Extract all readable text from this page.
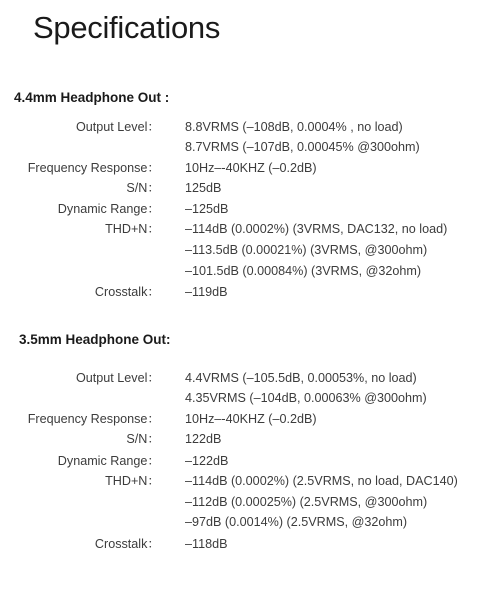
Specifications
4.4mm Headphone Out :
Output Level： 8.8VRMS (–108dB, 0.0004% , no load)
8.7VRMS (–107dB, 0.00045% @300ohm)
Frequency Response： 10Hz–-40KHZ (–0.2dB)
S/N： 125dB
Dynamic Range： –125dB
THD+N： –114dB (0.0002%) (3VRMS, DAC132, no load)
–113.5dB (0.00021%) (3VRMS, @300ohm)
–101.5dB (0.00084%) (3VRMS, @32ohm)
Crosstalk： –119dB
3.5mm Headphone Out:
Output Level： 4.4VRMS (–105.5dB, 0.00053%, no load)
4.35VRMS (–104dB, 0.00063% @300ohm)
Frequency Response： 10Hz–-40KHZ (–0.2dB)
S/N： 122dB
Dynamic Range： –122dB
THD+N： –114dB (0.0002%) (2.5VRMS, no load, DAC140)
–112dB (0.00025%) (2.5VRMS, @300ohm)
–97dB (0.0014%) (2.5VRMS, @32ohm)
Crosstalk： –118dB
